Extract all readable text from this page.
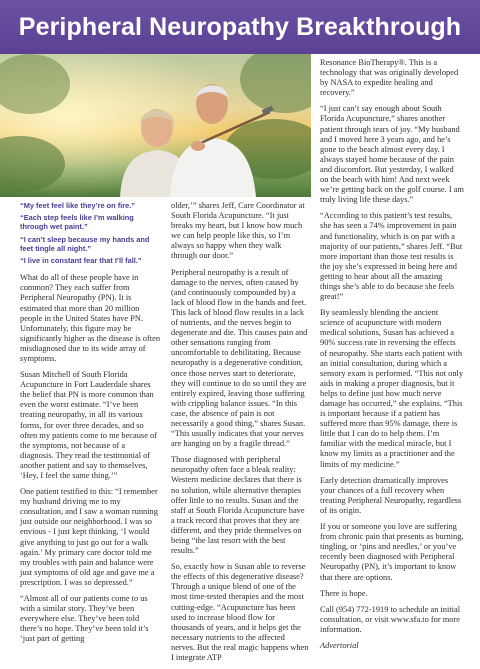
Peripheral Neuropathy Breakthrough
“My feet feel like they’re on fire.”
“Each step feels like I’m walking through wet paint.”
“I can’t sleep because my hands and feet tingle all night.”
“I live in constant fear that I’ll fall.”

What do all of these people have in common? They each suffer from Peripheral Neuropathy (PN). It is estimated that more than 20 million people in the United States have PN. Unfortunately, this figure may be significantly higher as the disease is often misdiagnosed due to its wide array of symptoms.

Susan Mitchell of South Florida Acupuncture in Fort Lauderdale shares the belief that PN is more common than even the worst estimate. “I’ve been treating neuropathy, in all its various forms, for over three decades, and so often my patients come to me because of the symptoms, not because of a diagnosis. They read the testimonial of another patient and say to themselves, ‘Hey, I feel the same thing.’”

One patient testified to this: “I remember my husband driving me to my consultation, and I saw a woman running just outside our neighborhood. I was so envious - I just kept thinking, ‘I would give anything to just go out for a walk again.’ My primary care doctor told me my troubles with pain and balance were just symptoms of old age and gave me a prescription. I was so depressed.”

“Almost all of our patients come to us with a similar story. They’ve been everywhere else. They’ve been told there’s no hope. They’ve been told it’s ‘just part of getting

older,’” shares Jeff, Care Coordinator at South Florida Acupuncture. “It just breaks my heart, but I know how much we can help people like this, so I’m always so happy when they walk through our door.”

Peripheral neuropathy is a result of damage to the nerves, often caused by (and continuously compounded by) a lack of blood flow in the hands and feet. This lack of blood flow results in a lack of nutrients, and the nerves begin to degenerate and die. This causes pain and other sensations ranging from uncomfortable to debilitating. Because neuropathy is a degenerative condition, once those nerves start to deteriorate, they will continue to do so until they are entirely expired, leaving those suffering with crippling balance issues. “In this case, the absence of pain is not necessarily a good thing,” shares Susan. “This usually indicates that your nerves are hanging on by a fragile thread.”

Those diagnosed with peripheral neuropathy often face a bleak reality: Western medicine declares that there is no solution, while alternative therapies offer little to no results. Susan and the staff at South Florida Acupuncture have a track record that proves that they are different, and they pride themselves on being “the last resort with the best results.”

So, exactly how is Susan able to reverse the effects of this degenerative disease? Through a unique blend of one of the most time-tested therapies and the most cutting-edge. “Acupuncture has been used to increase blood flow for thousands of years, and it helps get the necessary nutrients to the affected nerves. But the real magic happens when I integrate ATP

Resonance BioTherapy®. This is a technology that was originally developed by NASA to expedite healing and recovery.”

“I just can’t say enough about South Florida Acupuncture,” shares another patient through tears of joy. “My husband and I moved here 3 years ago, and he’s gone to the beach almost every day. I always stayed home because of the pain and discomfort. But yesterday, I walked on the beach with him! And next week we’re getting back on the golf course. I am truly living life these days.”

“According to this patient’s test results, she has seen a 74% improvement in pain and functionality, which is on par with a majority of our patients,” shares Jeff. “But more important than those test results is the joy she’s expressed in being here and getting to hear about all the amazing things she’s able to do because she feels great!”

By seamlessly blending the ancient science of acupuncture with modern medical solutions, Susan has achieved a 90% success rate in reversing the effects of neuropathy. She starts each patient with an initial consultation, during which a sensory exam is performed. “This not only aids in making a proper diagnosis, but it helps to define just how much nerve damage has occurred,” she explains. “This is important because if a patient has suffered more than 95% damage, there is little that I can do to help them. I’m familiar with the medical miracle, but I know my limits as a practitioner and the limits of my medicine.”

Early detection dramatically improves your chances of a full recovery when treating Peripheral Neuropathy, regardless of its origin.

If you or someone you love are suffering from chronic pain that presents as burning, tingling, or ‘pins and needles,’ or you’ve recently been diagnosed with Peripheral Neuropathy (PN), it’s important to know that there are options.

There is hope.

Call (954) 772-1919 to schedule an initial consultation, or visit www.sfa.to for more information.

Advertorial
